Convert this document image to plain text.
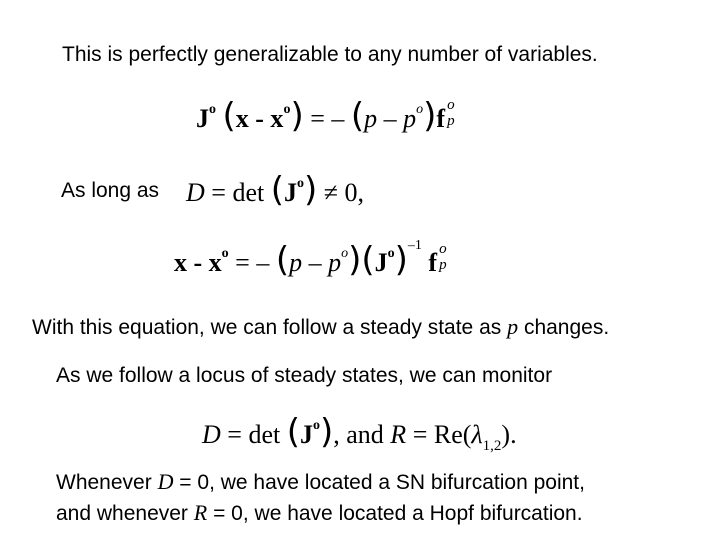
This is perfectly generalizable to any number of variables.
$J^o$ $(x - x^o)$ = – $(p - p^o)f$ o
p
As long as $D = \det (J^o) \ne 0$,
x - $x^o$ = – $(p - p^o)(J^o)^{-1}$ f o
p
With this equation, we can follow a steady state as p changes.
As we follow a locus of steady states, we can monitor
$D = \det (J^o)$, and $R = Re(\lambda_{1,2})$.
Whenever D = 0, we have located a SN bifurcation point,
and whenever R = 0, we have located a Hopf bifurcation.
